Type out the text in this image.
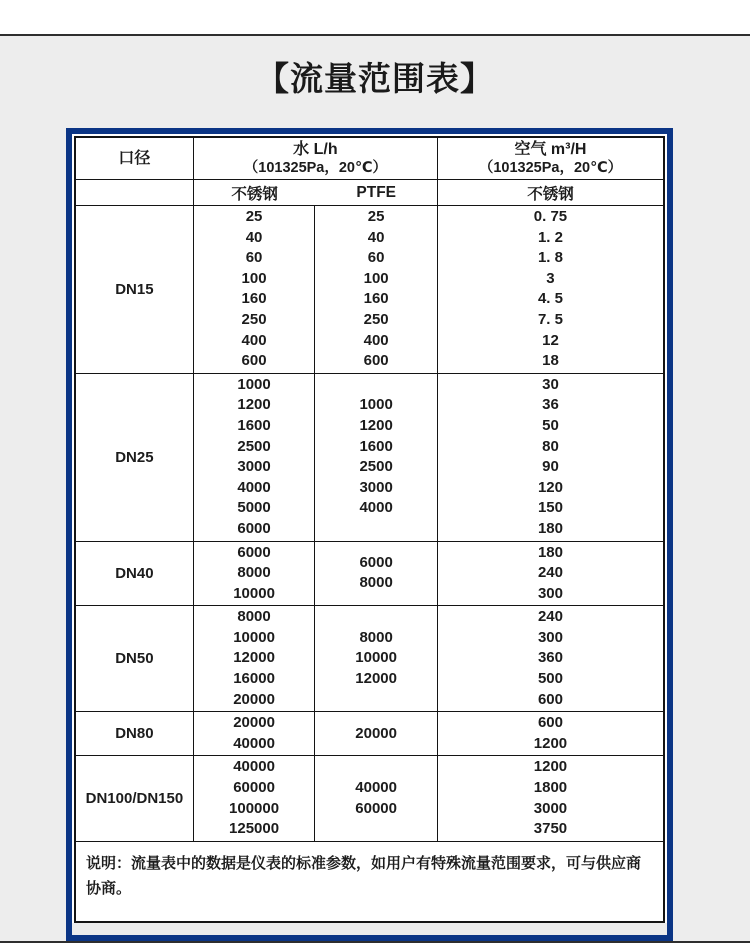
【流量范围表】
口径
水 L/h
（101325Pa，20℃）
空气 m³/H
（101325Pa，20℃）
不锈钢	PTFE	不锈钢
DN15
25
40
60
100
160
250
400
600
25
40
60
100
160
250
400
600
0. 75
1. 2
1. 8
3
4. 5
7. 5
12
18
DN25
1000
1200
1600
2500
3000
4000
5000
6000
1000
1200
1600
2500
3000
4000
30
36
50
80
90
120
150
180
DN40
6000
8000
10000
6000
8000
180
240
300
DN50
8000
10000
12000
16000
20000
8000
10000
12000
240
300
360
500
600
DN80
20000
40000
20000
600
1200
DN100/DN150
40000
60000
100000
125000
40000
60000
1200
1800
3000
3750
说明：流量表中的数据是仪表的标准参数，如用户有特殊流量范围要求，可与供应商协商。
